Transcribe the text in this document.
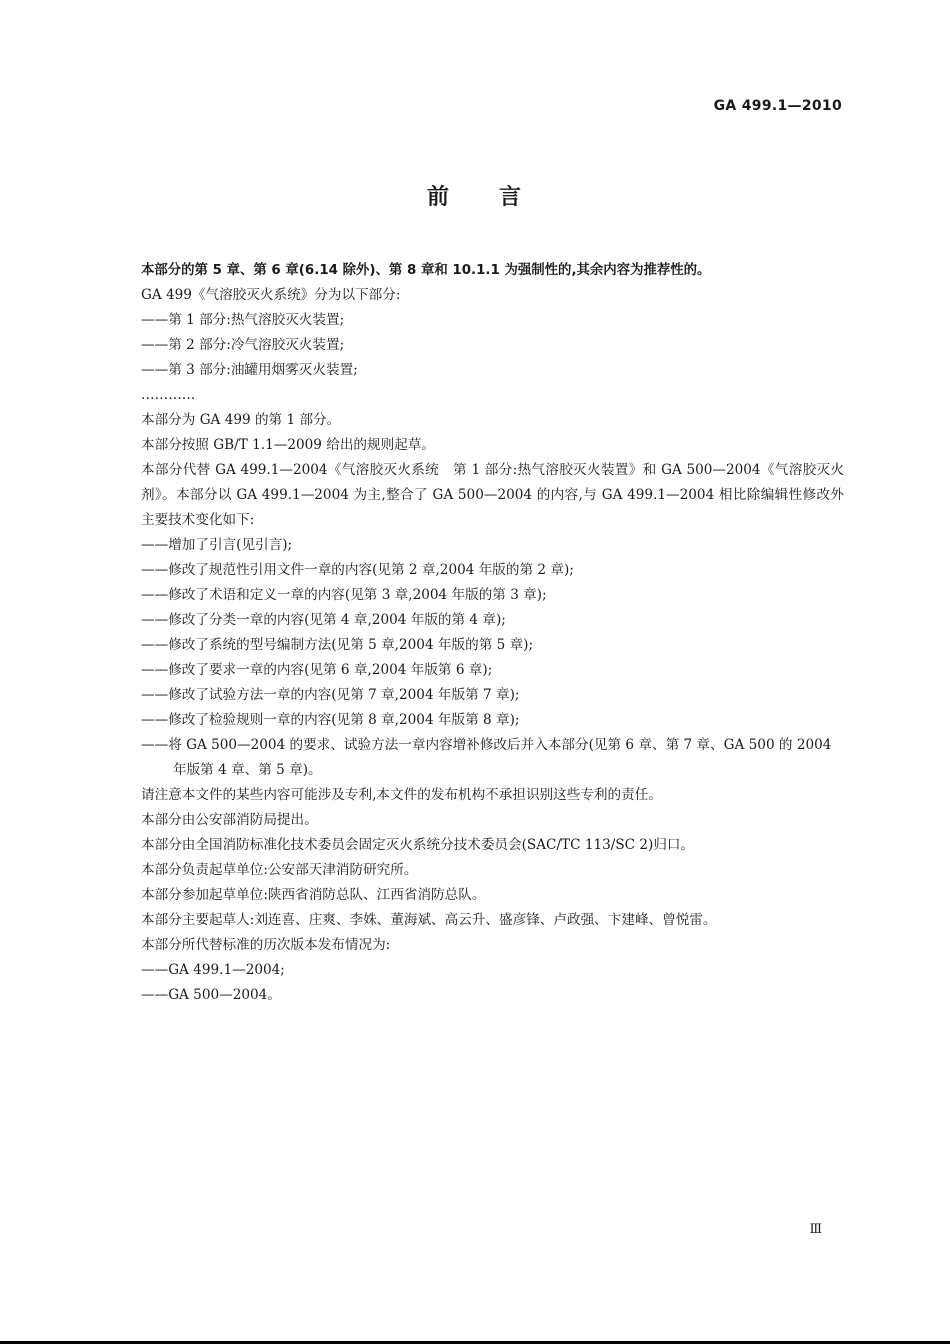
GA 499.1—2010
前 言

本部分的第 5 章、第 6 章(6.14 除外)、第 8 章和 10.1.1 为强制性的,其余内容为推荐性的。

GA 499《气溶胶灭火系统》分为以下部分:

——第 1 部分:热气溶胶灭火装置;

——第 2 部分:冷气溶胶灭火装置;

——第 3 部分:油罐用烟雾灭火装置;

…………

本部分为 GA 499 的第 1 部分。

本部分按照 GB/T 1.1—2009 给出的规则起草。

本部分代替 GA 499.1—2004《气溶胶灭火系统　第 1 部分:热气溶胶灭火装置》和 GA 500—2004《气溶胶灭火剂》。本部分以 GA 499.1—2004 为主,整合了 GA 500—2004 的内容,与 GA 499.1—2004 相比除编辑性修改外主要技术变化如下:

——增加了引言(见引言);

——修改了规范性引用文件一章的内容(见第 2 章,2004 年版的第 2 章);

——修改了术语和定义一章的内容(见第 3 章,2004 年版的第 3 章);

——修改了分类一章的内容(见第 4 章,2004 年版的第 4 章);

——修改了系统的型号编制方法(见第 5 章,2004 年版的第 5 章);

——修改了要求一章的内容(见第 6 章,2004 年版第 6 章);

——修改了试验方法一章的内容(见第 7 章,2004 年版第 7 章);

——修改了检验规则一章的内容(见第 8 章,2004 年版第 8 章);

——将 GA 500—2004 的要求、试验方法一章内容增补修改后并入本部分(见第 6 章、第 7 章、GA 500 的 2004 年版第 4 章、第 5 章)。

请注意本文件的某些内容可能涉及专利,本文件的发布机构不承担识别这些专利的责任。

本部分由公安部消防局提出。

本部分由全国消防标准化技术委员会固定灭火系统分技术委员会(SAC/TC 113/SC 2)归口。

本部分负责起草单位:公安部天津消防研究所。

本部分参加起草单位:陕西省消防总队、江西省消防总队。

本部分主要起草人:刘连喜、庄爽、李姝、董海斌、高云升、盛彦锋、卢政强、卞建峰、曾悦雷。

本部分所代替标准的历次版本发布情况为:

——GA 499.1—2004;

——GA 500—2004。

Ⅲ
